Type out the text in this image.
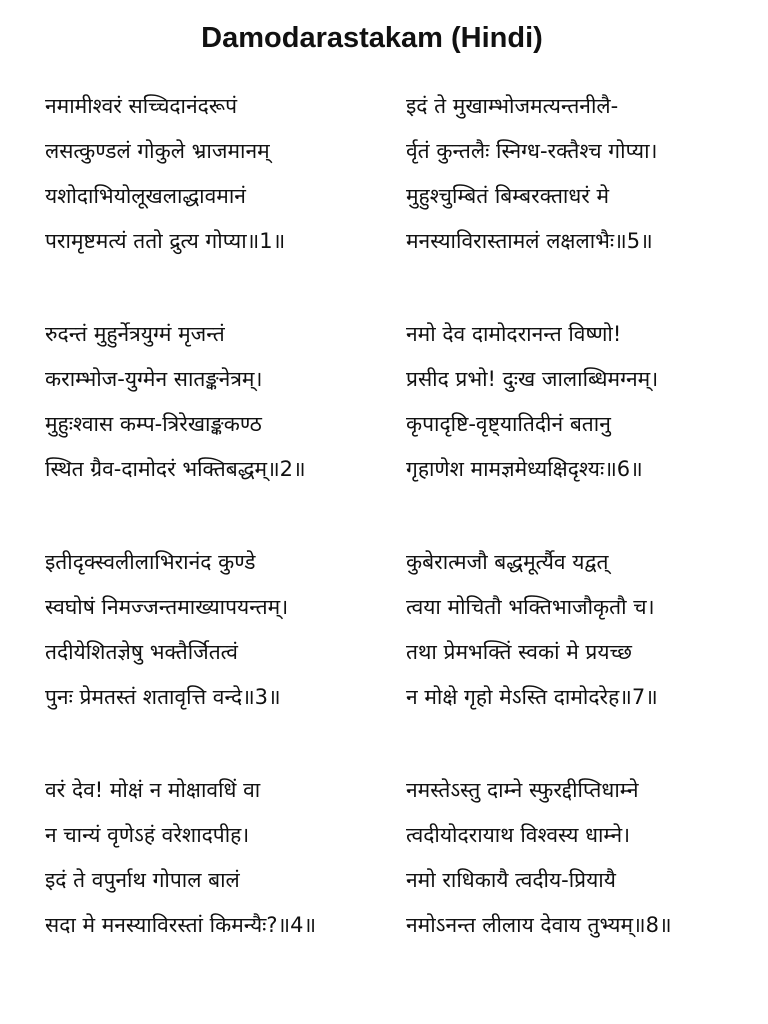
Damodarastakam (Hindi)
नमामीश्वरं सच्चिदानंदरूपं
लसत्कुण्डलं गोकुले भ्राजमानम्
यशोदाभियोलूखलाद्धावमानं
परामृष्टमत्यं ततो द्रुत्य गोप्या॥1॥
रुदन्तं मुहुर्नेत्रयुग्मं मृजन्तं
कराम्भोज-युग्मेन सातङ्कनेत्रम्।
मुहुःश्वास कम्प-त्रिरेखाङ्ककण्ठ
स्थित ग्रैव-दामोदरं भक्तिबद्धम्॥2॥
इतीदृक्स्वलीलाभिरानंद कुण्डे
स्वघोषं निमज्जन्तमाख्यापयन्तम्।
तदीयेशितज्ञेषु भक्तैर्जितत्वं
पुनः प्रेमतस्तं शतावृत्ति वन्दे॥3॥
वरं देव! मोक्षं न मोक्षावधिं वा
न चान्यं वृणेऽहं वरेशादपीह।
इदं ते वपुर्नाथ गोपाल बालं
सदा मे मनस्याविरस्तां किमन्यैः?॥4॥
इदं ते मुखाम्भोजमत्यन्तनीलै-
र्वृतं कुन्तलैः स्निग्ध-रक्तैश्च गोप्या।
मुहुश्चुम्बितं बिम्बरक्ताधरं मे
मनस्याविरास्तामलं लक्षलाभैः॥5॥
नमो देव दामोदरानन्त विष्णो!
प्रसीद प्रभो! दुःख जालाब्धिमग्नम्।
कृपादृष्टि-वृष्ट्यातिदीनं बतानु
गृहाणेश मामज्ञमेध्यक्षिदृश्यः॥6॥
कुबेरात्मजौ बद्धमूर्त्यैव यद्वत्
त्वया मोचितौ भक्तिभाजौकृतौ च।
तथा प्रेमभक्तिं स्वकां मे प्रयच्छ
न मोक्षे गृहो मेऽस्ति दामोदरेह॥7॥
नमस्तेऽस्तु दाम्ने स्फुरद्दीप्तिधाम्ने
त्वदीयोदरायाथ विश्वस्य धाम्ने।
नमो राधिकायै त्वदीय-प्रियायै
नमोऽनन्त लीलाय देवाय तुभ्यम्॥8॥
